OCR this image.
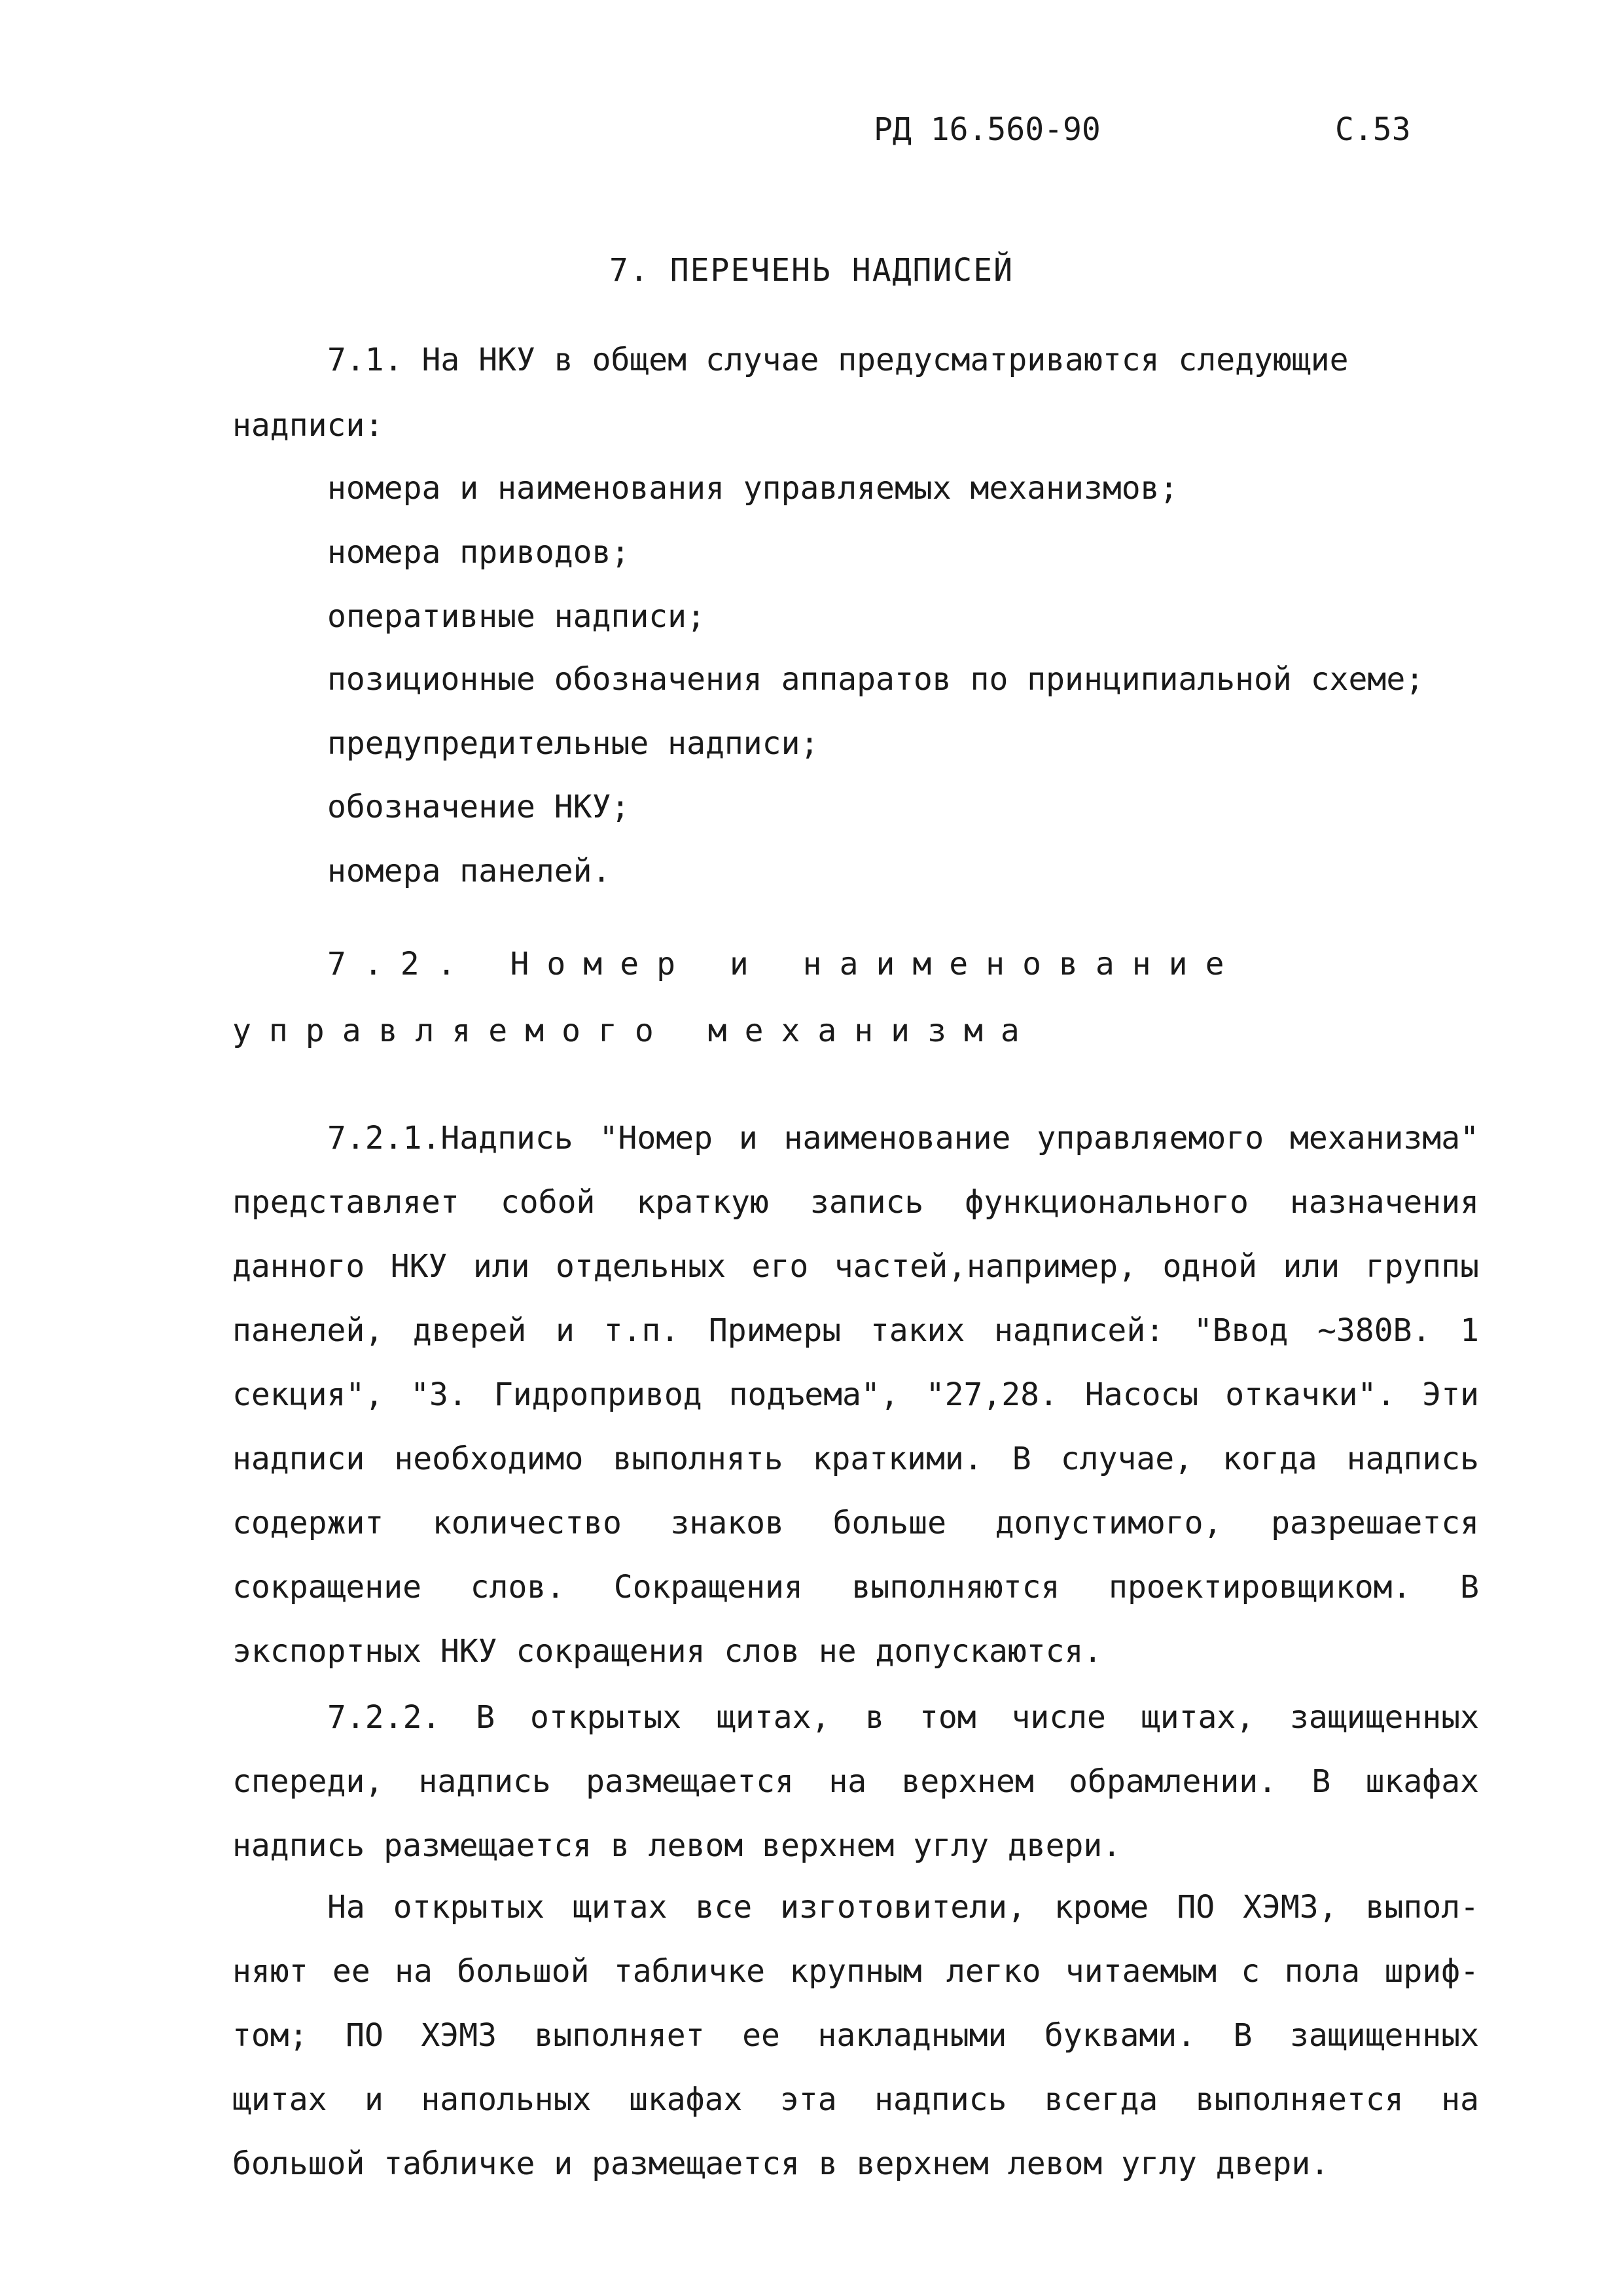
РД 16.560-90	С.53
7. ПЕРЕЧЕНЬ НАДПИСЕЙ
7.1. На НКУ в общем случае предусматриваются следующие
надписи:
номера и наименования управляемых механизмов;
номера приводов;
оперативные надписи;
позиционные обозначения аппаратов по принципиальной схеме;
предупредительные надписи;
обозначение НКУ;
номера панелей.
7.2. Номер и наименование
управляемого механизма
7.2.1.Надпись "Номер и наименование управляемого механизма"
представляет собой краткую запись функционального назначения
данного НКУ или отдельных его частей,например, одной или группы
панелей, дверей и т.п. Примеры таких надписей: "Ввод ~380В. 1
секция", "3. Гидропривод подъема", "27,28. Насосы откачки". Эти
надписи необходимо выполнять краткими. В случае, когда надпись
содержит количество знаков больше допустимого, разрешается
сокращение слов. Сокращения выполняются проектировщиком. В
экспортных НКУ сокращения слов не допускаются.
7.2.2. В открытых щитах, в том числе щитах, защищенных
спереди, надпись размещается на верхнем обрамлении. В шкафах
надпись размещается в левом верхнем углу двери.
На открытых щитах все изготовители, кроме ПО ХЭМЗ, выпол-
няют ее на большой табличке крупным легко читаемым с пола шриф-
том; ПО ХЭМЗ выполняет ее накладными буквами. В защищенных
щитах и напольных шкафах эта надпись всегда выполняется на
большой табличке и размещается в верхнем левом углу двери.
